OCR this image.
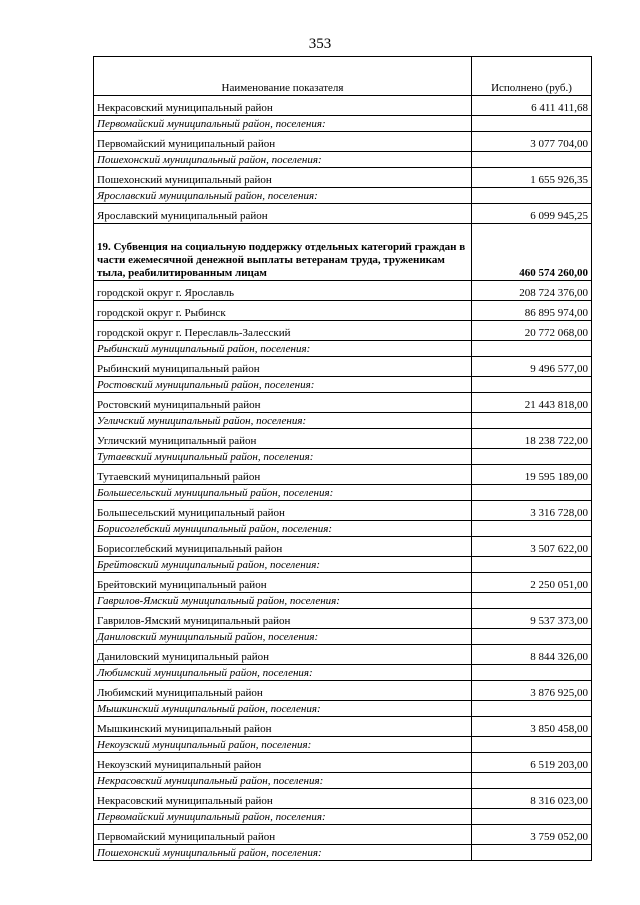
353
Наименование показателя	Исполнено (руб.)
Некрасовский муниципальный район	6 411 411,68
Первомайский муниципальный район, поселения:	
Первомайский муниципальный район	3 077 704,00
Пошехонский муниципальный район, поселения:	
Пошехонский муниципальный район	1 655 926,35
Ярославский муниципальный район, поселения:	
Ярославский муниципальный район	6 099 945,25
19. Субвенция на социальную поддержку отдельных категорий граждан в части ежемесячной денежной выплаты ветеранам труда, труженикам тыла, реабилитированным лицам	460 574 260,00
городской округ г. Ярославль	208 724 376,00
городской округ г. Рыбинск	86 895 974,00
городской округ г. Переславль-Залесский	20 772 068,00
Рыбинский муниципальный район, поселения:	
Рыбинский муниципальный район	9 496 577,00
Ростовский муниципальный район, поселения:	
Ростовский муниципальный район	21 443 818,00
Угличский муниципальный район, поселения:	
Угличский муниципальный район	18 238 722,00
Тутаевский муниципальный район, поселения:	
Тутаевский муниципальный район	19 595 189,00
Большесельский муниципальный район, поселения:	
Большесельский муниципальный район	3 316 728,00
Борисоглебский муниципальный район, поселения:	
Борисоглебский муниципальный район	3 507 622,00
Брейтовский муниципальный район, поселения:	
Брейтовский муниципальный район	2 250 051,00
Гаврилов-Ямский муниципальный район, поселения:	
Гаврилов-Ямский муниципальный район	9 537 373,00
Даниловский муниципальный район, поселения:	
Даниловский муниципальный район	8 844 326,00
Любимский муниципальный район, поселения:	
Любимский муниципальный район	3 876 925,00
Мышкинский муниципальный район, поселения:	
Мышкинский муниципальный район	3 850 458,00
Некоузский муниципальный район, поселения:	
Некоузский муниципальный район	6 519 203,00
Некрасовский муниципальный район, поселения:	
Некрасовский муниципальный район	8 316 023,00
Первомайский муниципальный район, поселения:	
Первомайский муниципальный район	3 759 052,00
Пошехонский муниципальный район, поселения:	
